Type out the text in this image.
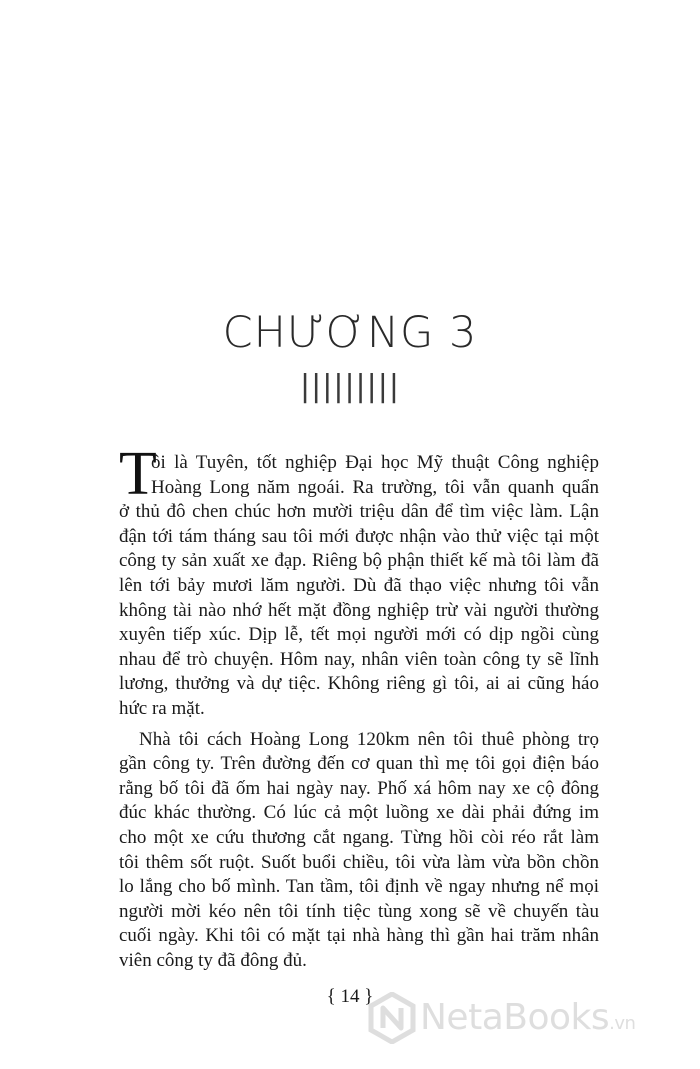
CHƯƠNG 3
|||||||||
T
ôi là Tuyên, tốt nghiệp Đại học Mỹ thuật Công nghiệp
Hoàng Long năm ngoái. Ra trường, tôi vẫn quanh quẩn
ở thủ đô chen chúc hơn mười triệu dân để tìm việc làm. Lận
đận tới tám tháng sau tôi mới được nhận vào thử việc tại một
công ty sản xuất xe đạp. Riêng bộ phận thiết kế mà tôi làm đã
lên tới bảy mươi lăm người. Dù đã thạo việc nhưng tôi vẫn
không tài nào nhớ hết mặt đồng nghiệp trừ vài người thường
xuyên tiếp xúc. Dịp lễ, tết mọi người mới có dịp ngồi cùng
nhau để trò chuyện. Hôm nay, nhân viên toàn công ty sẽ lĩnh
lương, thưởng và dự tiệc. Không riêng gì tôi, ai ai cũng háo
hức ra mặt.
Nhà tôi cách Hoàng Long 120km nên tôi thuê phòng trọ
gần công ty. Trên đường đến cơ quan thì mẹ tôi gọi điện báo
rằng bố tôi đã ốm hai ngày nay. Phố xá hôm nay xe cộ đông
đúc khác thường. Có lúc cả một luồng xe dài phải đứng im
cho một xe cứu thương cắt ngang. Từng hồi còi réo rắt làm
tôi thêm sốt ruột. Suốt buổi chiều, tôi vừa làm vừa bồn chồn
lo lắng cho bố mình. Tan tầm, tôi định về ngay nhưng nể mọi
người mời kéo nên tôi tính tiệc tùng xong sẽ về chuyến tàu
cuối ngày. Khi tôi có mặt tại nhà hàng thì gần hai trăm nhân
viên công ty đã đông đủ.
{ 14 }
NetaBooks.vn
